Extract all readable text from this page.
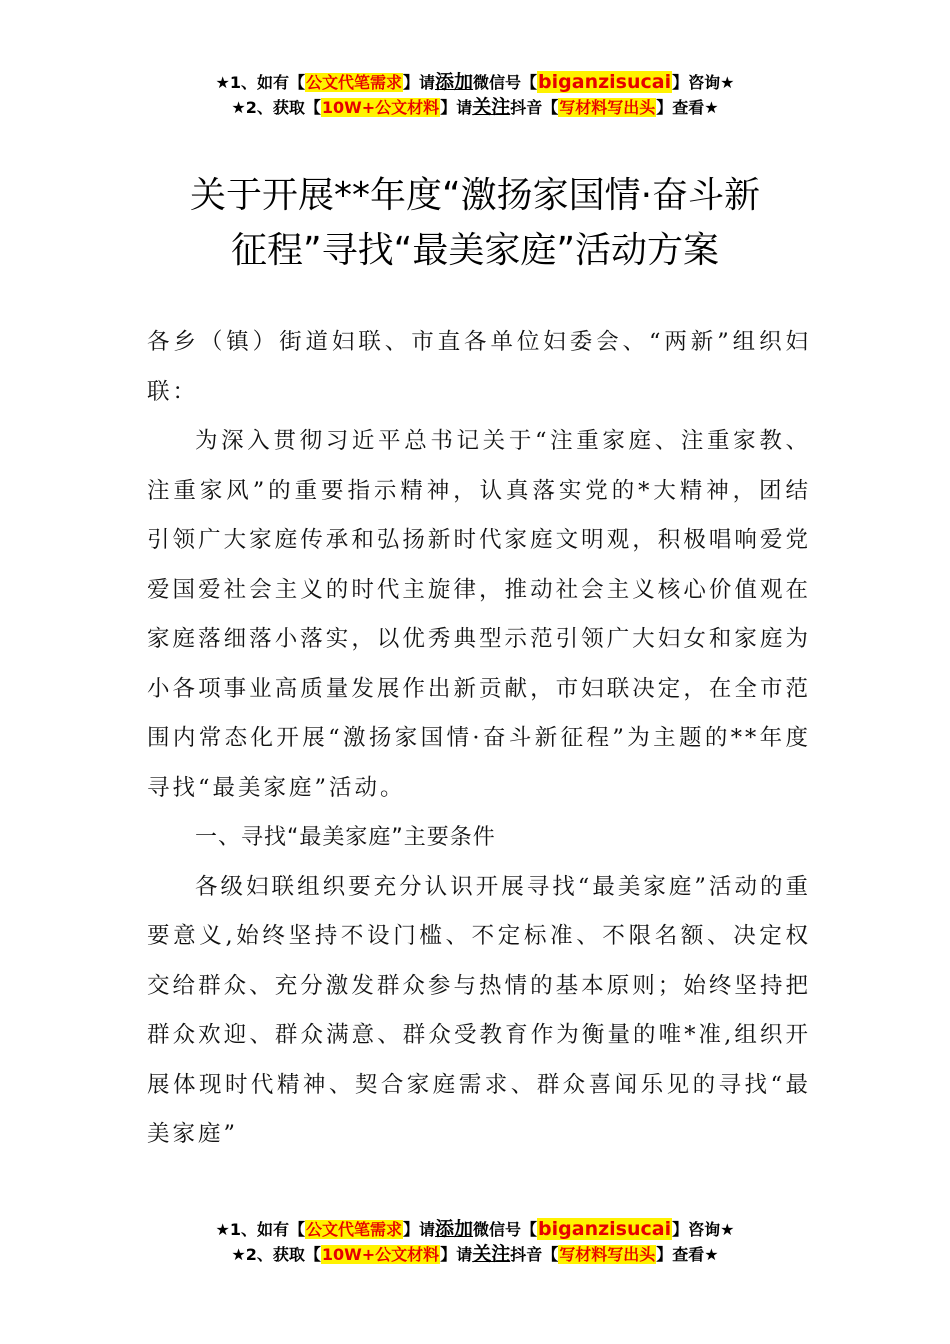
★1、如有【公文代笔需求】请添加微信号【biganzisucai】咨询★
★2、获取【10W+公文材料】请关注抖音【写材料写出头】查看★
关于开展**年度“激扬家国情·奋斗新
征程”寻找“最美家庭”活动方案

各乡（镇）街道妇联、市直各单位妇委会、“两新”组织妇联：

为深入贯彻习近平总书记关于“注重家庭、注重家教、注重家风”的重要指示精神，认真落实党的*大精神，团结引领广大家庭传承和弘扬新时代家庭文明观，积极唱响爱党爱国爱社会主义的时代主旋律，推动社会主义核心价值观在家庭落细落小落实，以优秀典型示范引领广大妇女和家庭为小各项事业高质量发展作出新贡献，市妇联决定，在全市范围内常态化开展“激扬家国情·奋斗新征程”为主题的**年度寻找“最美家庭”活动。

一、寻找“最美家庭”主要条件

各级妇联组织要充分认识开展寻找“最美家庭”活动的重要意义,始终坚持不设门槛、不定标准、不限名额、决定权交给群众、充分激发群众参与热情的基本原则；始终坚持把群众欢迎、群众满意、群众受教育作为衡量的唯*准,组织开展体现时代精神、契合家庭需求、群众喜闻乐见的寻找“最美家庭”

★1、如有【公文代笔需求】请添加微信号【biganzisucai】咨询★
★2、获取【10W+公文材料】请关注抖音【写材料写出头】查看★
